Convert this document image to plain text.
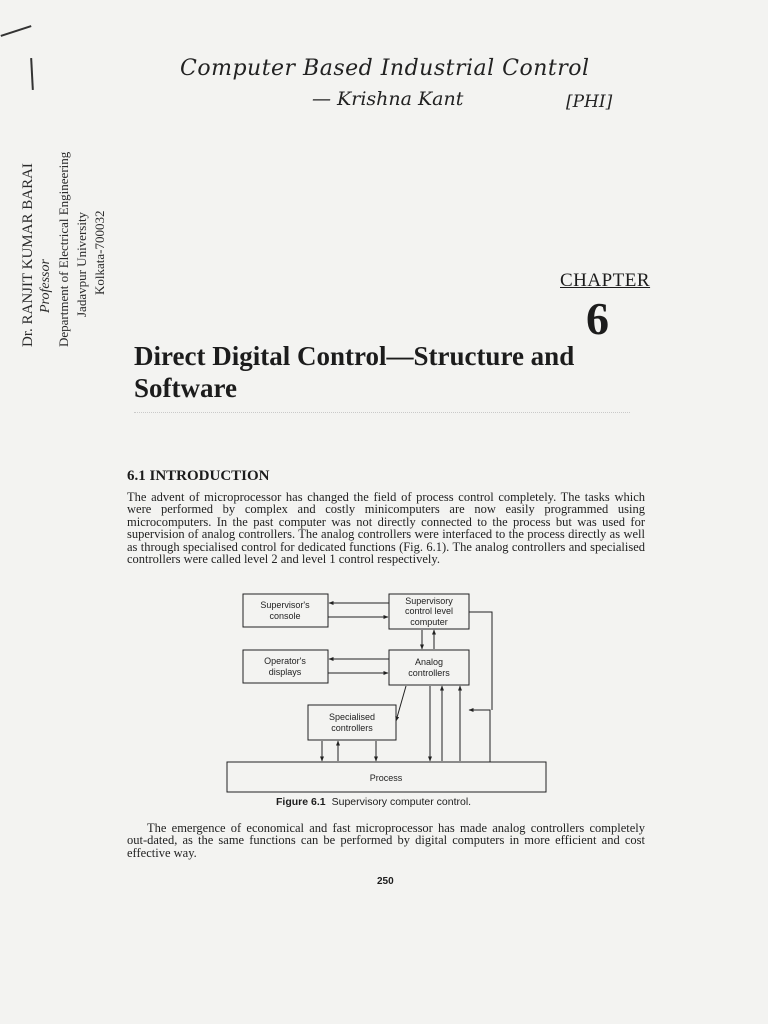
Computer Based Industrial Control
— Krishna Kant	[PHI]
Dr. RANJIT KUMAR BARAI Professor Department of Electrical Engineering Jadavpur University Kolkata-700032	CHAPTER
6
Direct Digital Control—Structure and Software
6.1 INTRODUCTION
The advent of microprocessor has changed the field of process control completely. The tasks which were performed by complex and costly minicomputers are now easily programmed using microcomputers. In the past computer was not directly connected to the process but was used for supervision of analog controllers. The analog controllers were interfaced to the process directly as well as through specialised control for dedicated functions (Fig. 6.1). The analog controllers and specialised controllers were called level 2 and level 1 control respectively.
Supervisor's
console
Supervisory
control level
computer
Operator's
displays
Analog
controllers
Specialised
controllers
Process
Figure 6.1 Supervisory computer control.
The emergence of economical and fast microprocessor has made analog controllers completely out-dated, as the same functions can be performed by digital computers in more efficient and cost effective way.
250
